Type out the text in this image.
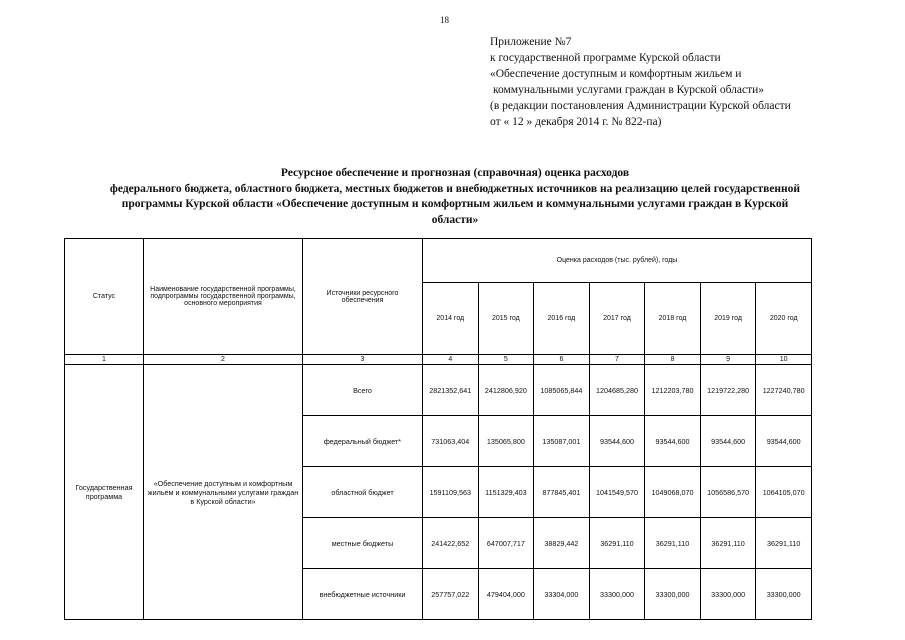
18
Приложение №7
к государственной программе Курской области
«Обеспечение доступным и комфортным жильем и
коммунальными услугами граждан в Курской области»
(в редакции постановления Администрации Курской области
от « 12 » декабря 2014 г. № 822-па)
Ресурсное обеспечение и прогнозная (справочная) оценка расходов
федерального бюджета, областного бюджета, местных бюджетов и внебюджетных источников на реализацию целей государственной
программы Курской области «Обеспечение доступным и комфортным жильем и коммунальными услугами граждан в Курской
области»
Статус	Наименование государственной программы, подпрограммы государственной программы, основного мероприятия	Источники ресурсного обеспечения	Оценка расходов (тыс. рублей), годы						
			2014 год	2015 год	2016 год	2017 год	2018 год	2019 год	2020 год
1	2	3	4	5	6	7	8	9	10
Государственная программа	«Обеспечение доступным и комфортным жильем и коммунальными услугами граждан в Курской области»	Всего	2821352,641	2412806,920	1085065,844	1204685,280	1212203,780	1219722,280	1227240,780
		федеральный бюджет*	731063,404	135065,800	135087,001	93544,600	93544,600	93544,600	93544,600
		областной бюджет	1591109,563	1151329,403	877845,401	1041549,570	1049068,070	1056586,570	1064105,070
		местные бюджеты	241422,652	647007,717	38829,442	36291,110	36291,110	36291,110	36291,110
		внебюджетные источники	257757,022	479404,000	33304,000	33300,000	33300,000	33300,000	33300,000
